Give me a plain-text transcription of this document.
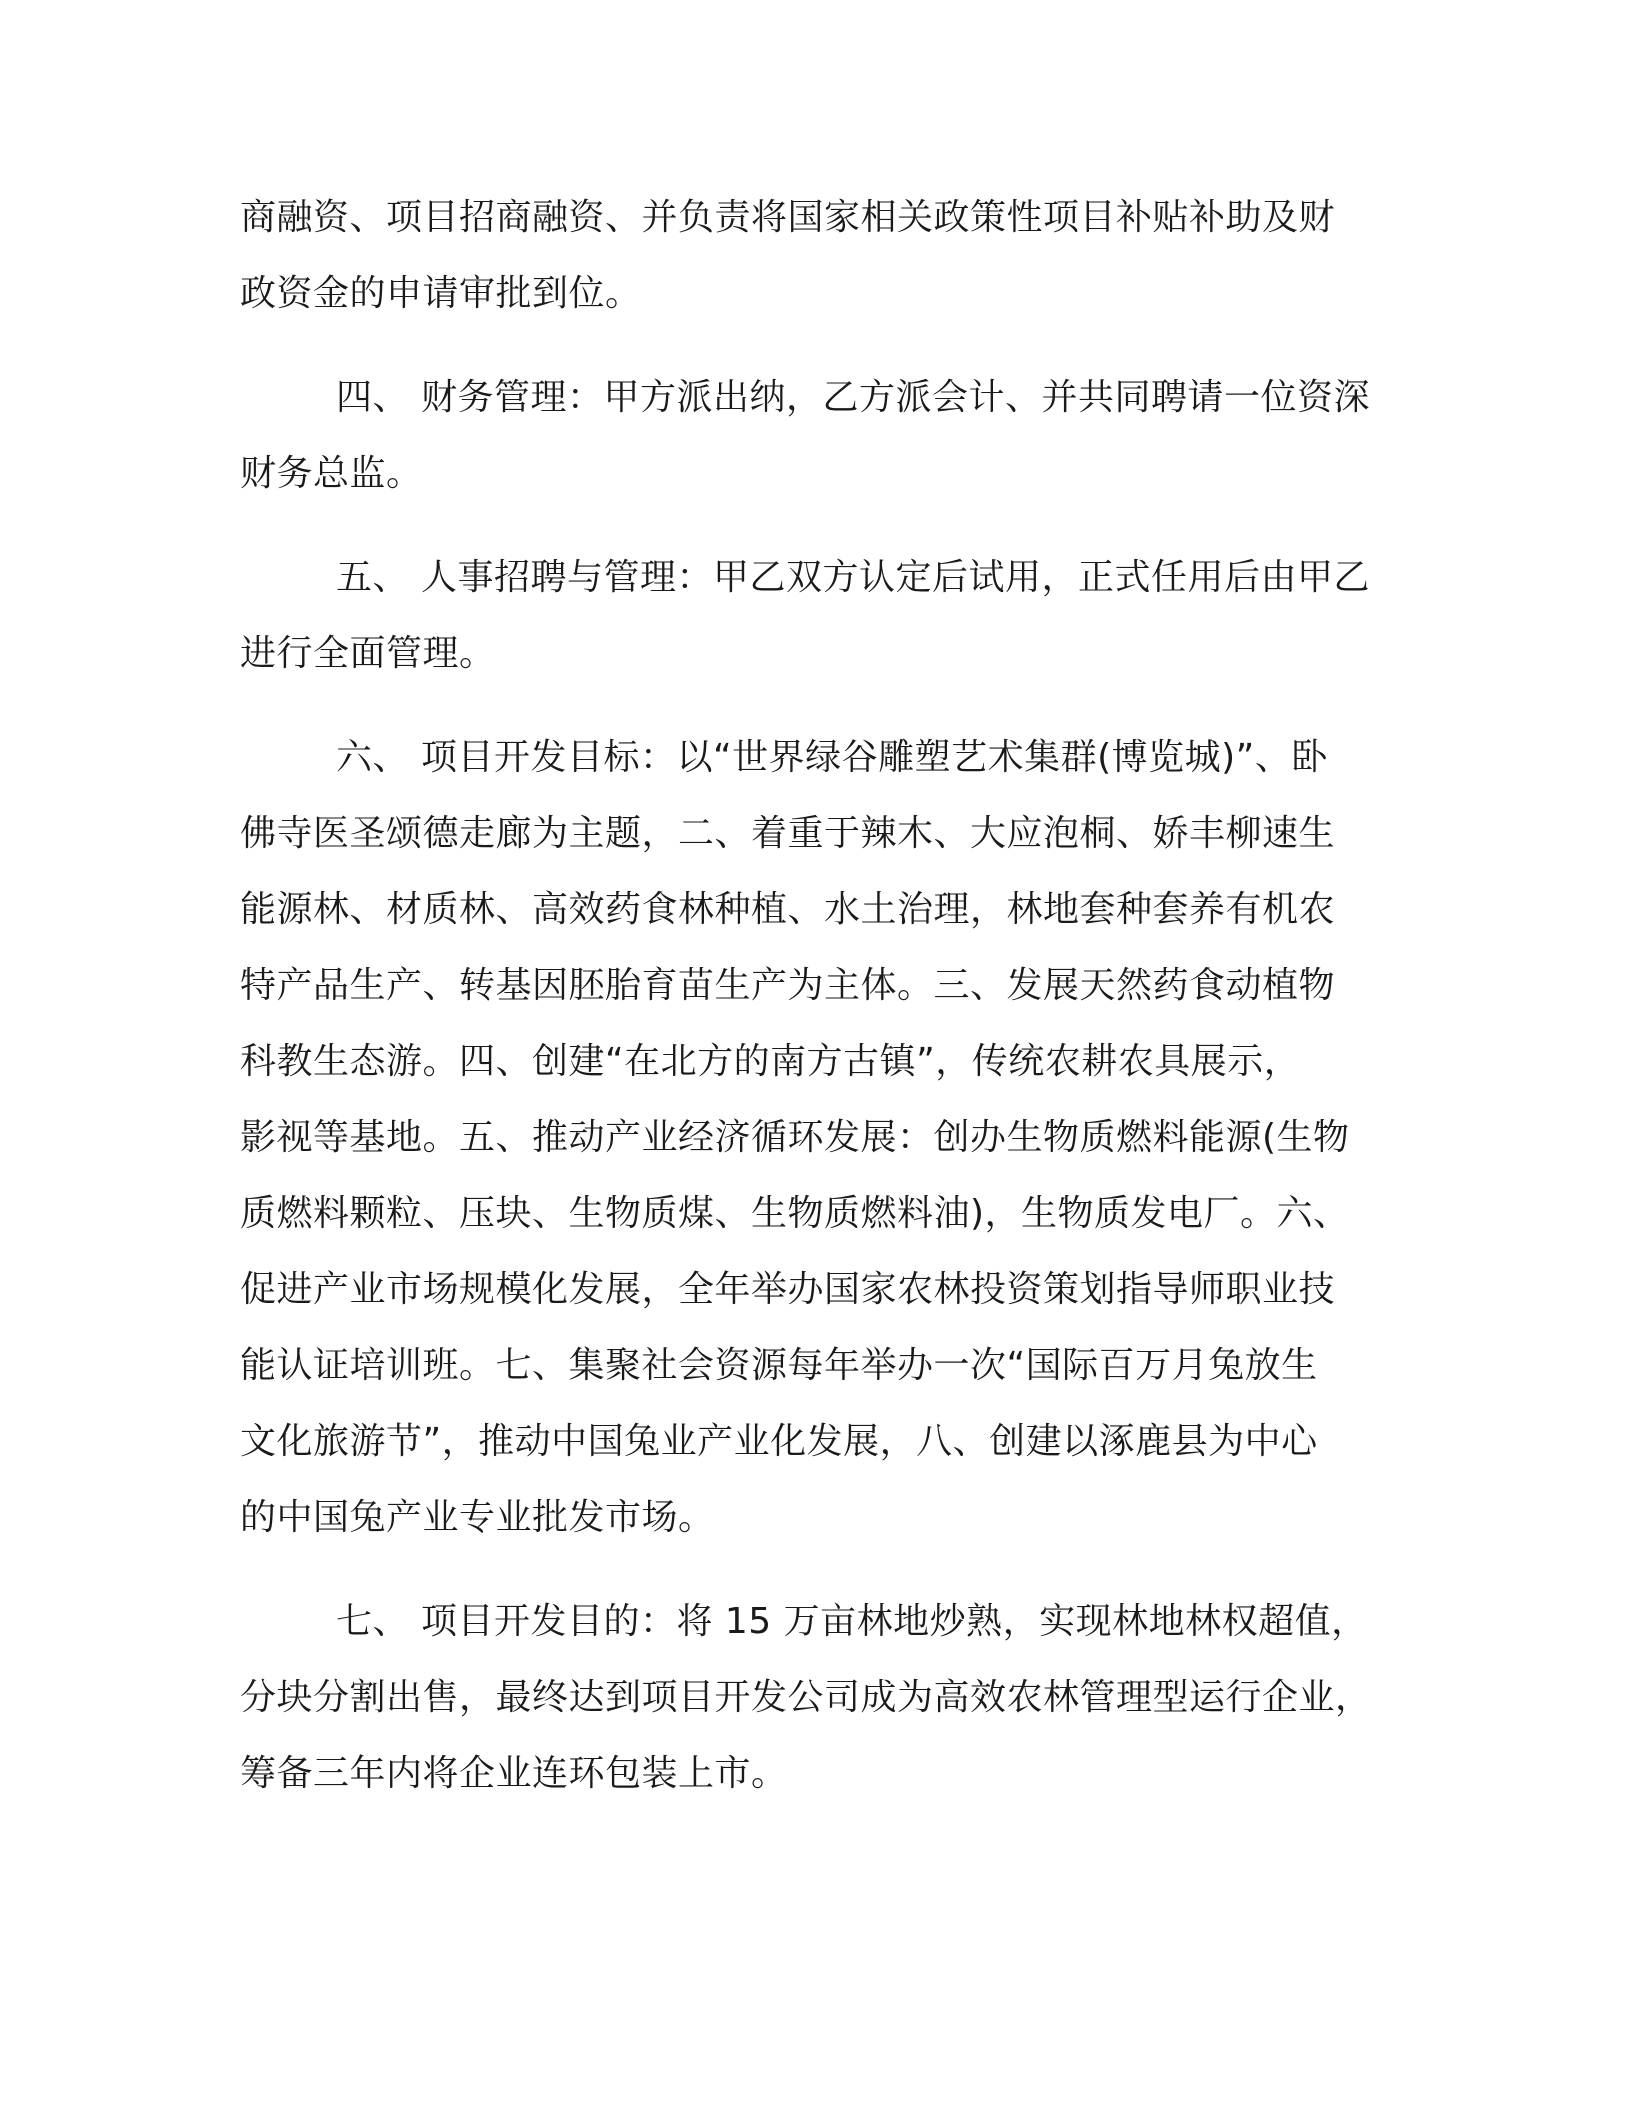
商融资、项目招商融资、并负责将国家相关政策性项目补贴补助及财
政资金的申请审批到位。

四、 财务管理：甲方派出纳，乙方派会计、并共同聘请一位资深
财务总监。

五、 人事招聘与管理：甲乙双方认定后试用，正式任用后由甲乙
进行全面管理。

六、 项目开发目标：以“世界绿谷雕塑艺术集群(博览城)”、卧
佛寺医圣颂德走廊为主题，二、着重于辣木、大应泡桐、娇丰柳速生
能源林、材质林、高效药食林种植、水土治理，林地套种套养有机农
特产品生产、转基因胚胎育苗生产为主体。三、发展天然药食动植物
科教生态游。四、创建“在北方的南方古镇”，传统农耕农具展示，
影视等基地。五、推动产业经济循环发展：创办生物质燃料能源(生物
质燃料颗粒、压块、生物质煤、生物质燃料油)，生物质发电厂。六、
促进产业市场规模化发展，全年举办国家农林投资策划指导师职业技
能认证培训班。七、集聚社会资源每年举办一次“国际百万月兔放生
文化旅游节”，推动中国兔业产业化发展，八、创建以涿鹿县为中心
的中国兔产业专业批发市场。

七、 项目开发目的：将 15 万亩林地炒熟，实现林地林权超值，
分块分割出售，最终达到项目开发公司成为高效农林管理型运行企业，
筹备三年内将企业连环包装上市。
